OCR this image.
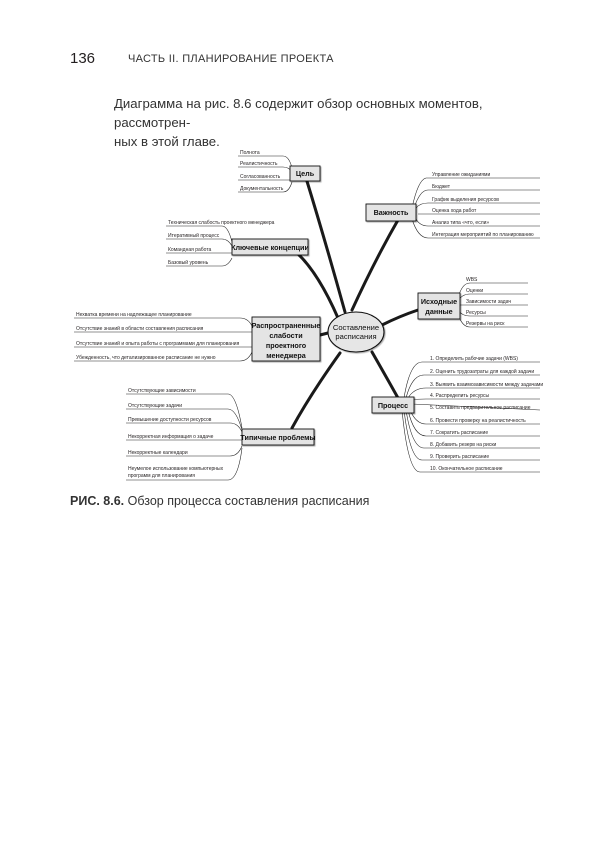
136	ЧАСТЬ II. ПЛАНИРОВАНИЕ ПРОЕКТА
Диаграмма на рис. 8.6 содержит обзор основных моментов, рассмотрен-
ных в этой главе.
Составление
расписания
Полнота
Реалистичность
Согласованность
Документальность
Цель
Техническая слабость проектного менеджера
Итеративный процесс
Командная работа
Базовый уровень
Ключевые концепции
Нехватка времени на надлежащее планирование
Отсутствие знаний в области составления расписания
Отсутствие знаний и опыта работы с программами для планирования
Убежденность, что детализированное расписание не нужно
Распространенные
слабости
проектного
менеджера
Отсутствующие зависимости
Отсутствующие задачи
Превышение доступности ресурсов
Некорректная информация о задаче
Некорректные календари
Неумелое использование компьютерных
программ для планирования
Типичные проблемы
Управление ожиданиями
Бюджет
График выделения ресурсов
Оценка хода работ
Анализ типа «что, если»
Интеграция мероприятий по планированию
Важность
WBS
Оценки
Зависимости задач
Ресурсы
Резервы на риск
Исходные
данные
1. Определить рабочие задачи (WBS)
2. Оценить трудозатраты для каждой задачи
3. Выявить взаимозависимости между задачами
4. Распределить ресурсы
5. Составить предварительное расписание
6. Провести проверку на реалистичность
7. Сократить расписание
8. Добавить резерв на риски
9. Проверить расписание
10. Окончательное расписание
Процесс
РИС. 8.6. Обзор процесса составления расписания
